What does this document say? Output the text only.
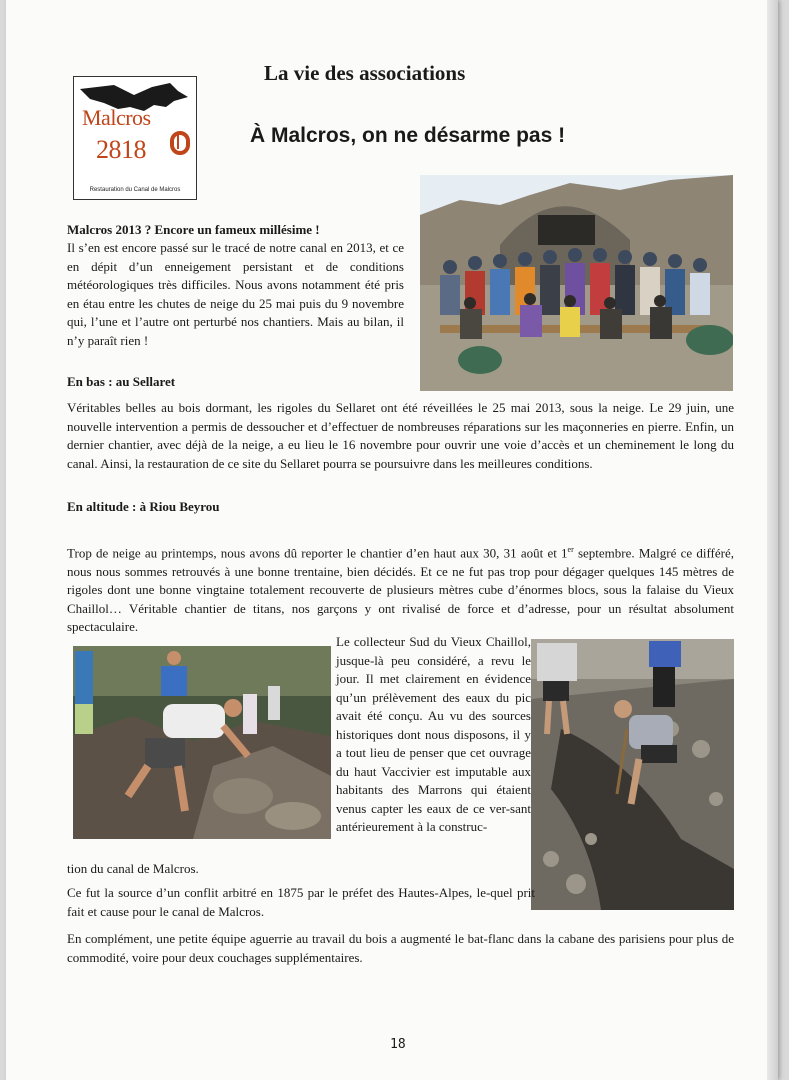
Malcros
2818
Restauration du Canal de Malcros
La vie des associations
À Malcros, on ne désarme pas !
Malcros 2013 ? Encore un fameux millésime !
Il s’en est encore passé sur le tracé de notre canal en 2013, et ce en dépit d’un enneigement persistant et de conditions météorologiques très difficiles. Nous avons notamment été pris en étau entre les chutes de neige du 25 mai puis du 9 novembre qui, l’une et l’autre ont perturbé nos chantiers. Mais au bilan, il n’y paraît rien !
En bas : au Sellaret
Véritables belles au bois dormant, les rigoles du Sellaret ont été réveillées le 25 mai 2013, sous la neige. Le 29 juin, une nouvelle intervention a permis de dessoucher et d’effectuer de nombreuses réparations sur les maçonneries en pierre. Enfin, un dernier chantier, avec déjà de la neige, a eu lieu le 16 novembre pour ouvrir une voie d’accès et un cheminement le long du canal. Ainsi, la restauration de ce site du Sellaret pourra se poursuivre dans les meilleures conditions.
En altitude : à Riou Beyrou
Trop de neige au printemps, nous avons dû reporter le chantier d’en haut aux 30, 31 août et 1er septembre. Malgré ce différé, nous nous sommes retrouvés à une bonne trentaine, bien décidés. Et ce ne fut pas trop pour dégager quelques 145 mètres de rigoles dont une bonne vingtaine totalement recouverte de plusieurs mètres cube d’énormes blocs, sous la falaise du Vieux Chaillol… Véritable chantier de titans, nos garçons y ont rivalisé de force et d’adresse, pour un résultat absolument spectaculaire.
Le collecteur Sud du Vieux Chaillol, jusque-là peu considéré, a revu le jour. Il met clairement en évidence qu’un prélèvement des eaux du pic avait été conçu. Au vu des sources historiques dont nous disposons, il y a tout lieu de penser que cet ouvrage du haut Vaccivier est imputable aux habitants des Marrons qui étaient venus capter les eaux de ce ver-sant antérieurement à la construc-
tion du canal de Malcros.
Ce fut la source d’un conflit arbitré en 1875 par le préfet des Hautes-Alpes, le-quel prit fait et cause pour le canal de Malcros.
En complément, une petite équipe aguerrie au travail du bois a augmenté le bat-flanc dans la cabane des parisiens pour plus de commodité, voire pour deux couchages supplémentaires.
18
